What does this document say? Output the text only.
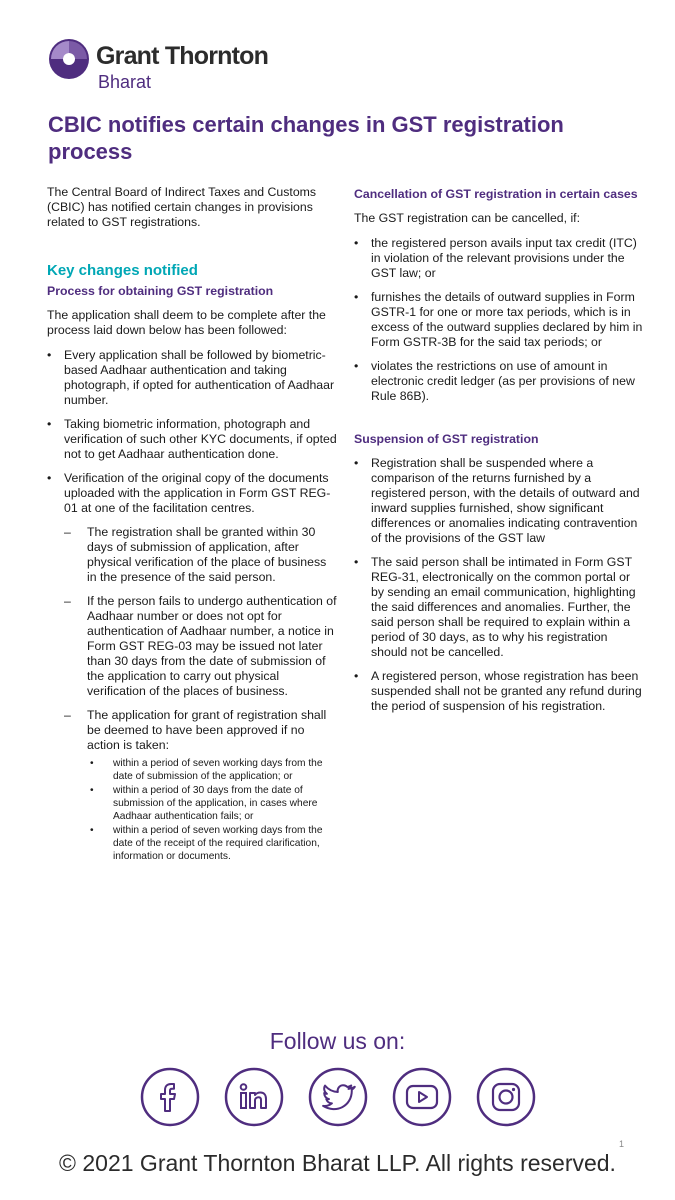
Grant Thornton
Bharat
CBIC notifies certain changes in GST registration process

The Central Board of Indirect Taxes and Customs (CBIC) has notified certain changes in provisions related to GST registrations.

Key changes notified
Process for obtaining GST registration

The application shall deem to be complete after the process laid down below has been followed:

• Every application shall be followed by biometric-based Aadhaar authentication and taking photograph, if opted for authentication of Aadhaar number.
• Taking biometric information, photograph and verification of such other KYC documents, if opted not to get Aadhaar authentication done.
• Verification of the original copy of the documents uploaded with the application in Form GST REG-01 at one of the facilitation centres.
– The registration shall be granted within 30 days of submission of application, after physical verification of the place of business in the presence of the said person.
– If the person fails to undergo authentication of Aadhaar number or does not opt for authentication of Aadhaar number, a notice in Form GST REG-03 may be issued not later than 30 days from the date of submission of the application to carry out physical verification of the places of business.
– The application for grant of registration shall be deemed to have been approved if no action is taken:
• within a period of seven working days from the date of submission of the application; or
• within a period of 30 days from the date of submission of the application, in cases where Aadhaar authentication fails; or
• within a period of seven working days from the date of the receipt of the required clarification, information or documents.
Cancellation of GST registration in certain cases

The GST registration can be cancelled, if:

• the registered person avails input tax credit (ITC) in violation of the relevant provisions under the GST law; or
• furnishes the details of outward supplies in Form GSTR-1 for one or more tax periods, which is in excess of the outward supplies declared by him in Form GSTR-3B for the said tax periods; or
• violates the restrictions on use of amount in electronic credit ledger (as per provisions of new Rule 86B).
Suspension of GST registration
• Registration shall be suspended where a comparison of the returns furnished by a registered person, with the details of outward and inward supplies furnished, show significant differences or anomalies indicating contravention of the provisions of the GST law
• The said person shall be intimated in Form GST REG-31, electronically on the common portal or by sending an email communication, highlighting the said differences and anomalies. Further, the said person shall be required to explain within a period of 30 days, as to why his registration should not be cancelled.
• A registered person, whose registration has been suspended shall not be granted any refund during the period of suspension of his registration.
Follow us on:
1
© 2021 Grant Thornton Bharat LLP. All rights reserved.
